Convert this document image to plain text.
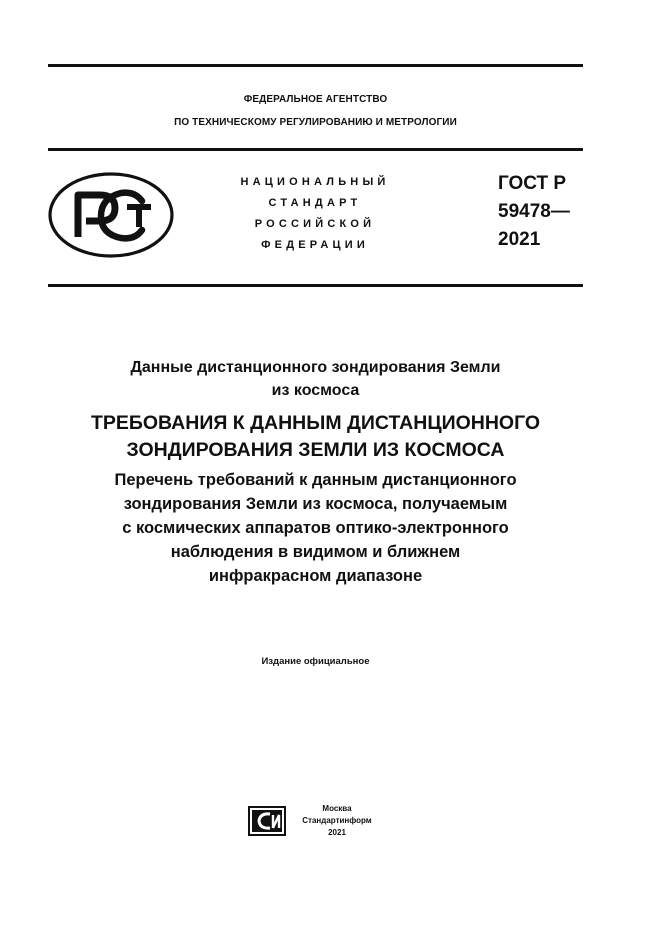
ФЕДЕРАЛЬНОЕ АГЕНТСТВО
ПО ТЕХНИЧЕСКОМУ РЕГУЛИРОВАНИЮ И МЕТРОЛОГИИ
НАЦИОНАЛЬНЫЙ
СТАНДАРТ
РОССИЙСКОЙ
ФЕДЕРАЦИИ
ГОСТ Р
59478—
2021
Данные дистанционного зондирования Земли
из космоса
ТРЕБОВАНИЯ К ДАННЫМ ДИСТАНЦИОННОГО
ЗОНДИРОВАНИЯ ЗЕМЛИ ИЗ КОСМОСА
Перечень требований к данным дистанционного
зондирования Земли из космоса, получаемым
с космических аппаратов оптико-электронного
наблюдения в видимом и ближнем
инфракрасном диапазоне
Издание официальное
Москва
Стандартинформ
2021
